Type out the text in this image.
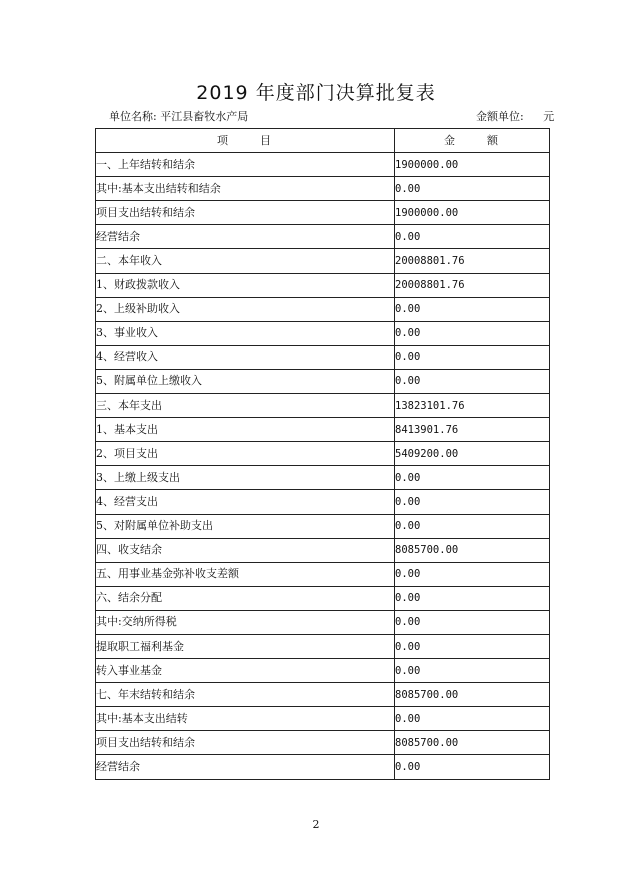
2019 年度部门决算批复表
单位名称: 平江县畜牧水产局	金额单位: 元
项 目	金 额
一、上年结转和结余	1900000.00
其中:基本支出结转和结余	0.00
项目支出结转和结余	1900000.00
经营结余	0.00
二、本年收入	20008801.76
1、财政拨款收入	20008801.76
2、上级补助收入	0.00
3、事业收入	0.00
4、经营收入	0.00
5、附属单位上缴收入	0.00
三、本年支出	13823101.76
1、基本支出	8413901.76
2、项目支出	5409200.00
3、上缴上级支出	0.00
4、经营支出	0.00
5、对附属单位补助支出	0.00
四、收支结余	8085700.00
五、用事业基金弥补收支差额	0.00
六、结余分配	0.00
其中:交纳所得税	0.00
提取职工福利基金	0.00
转入事业基金	0.00
七、年末结转和结余	8085700.00
其中:基本支出结转	0.00
项目支出结转和结余	8085700.00
经营结余	0.00
2
